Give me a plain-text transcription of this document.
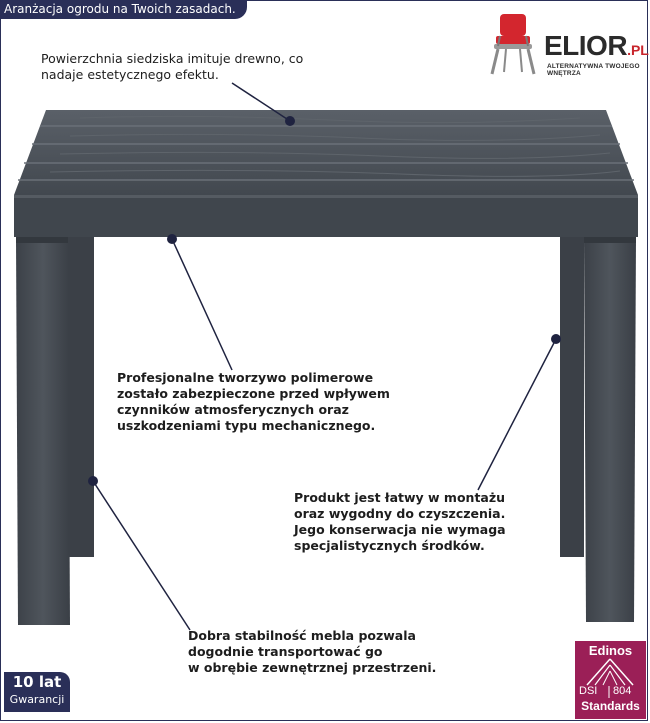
Aranżacja ogrodu na Twoich zasadach.
ELIOR.PL
ALTERNATYWNA TWOJEGO WNĘTRZA
Powierzchnia siedziska imituje drewno, co
nadaje estetycznego efektu.
Profesjonalne tworzywo polimerowe
zostało zabezpieczone przed wpływem
czynników atmosferycznych oraz
uszkodzeniami typu mechanicznego.
Produkt jest łatwy w montażu
oraz wygodny do czyszczenia.
Jego konserwacja nie wymaga
specjalistycznych środków.
Dobra stabilność mebla pozwala
dogodnie transportować go
w obrębie zewnętrznej przestrzeni.
10 lat
Gwarancji
Edinos
DSI 804
Standards
